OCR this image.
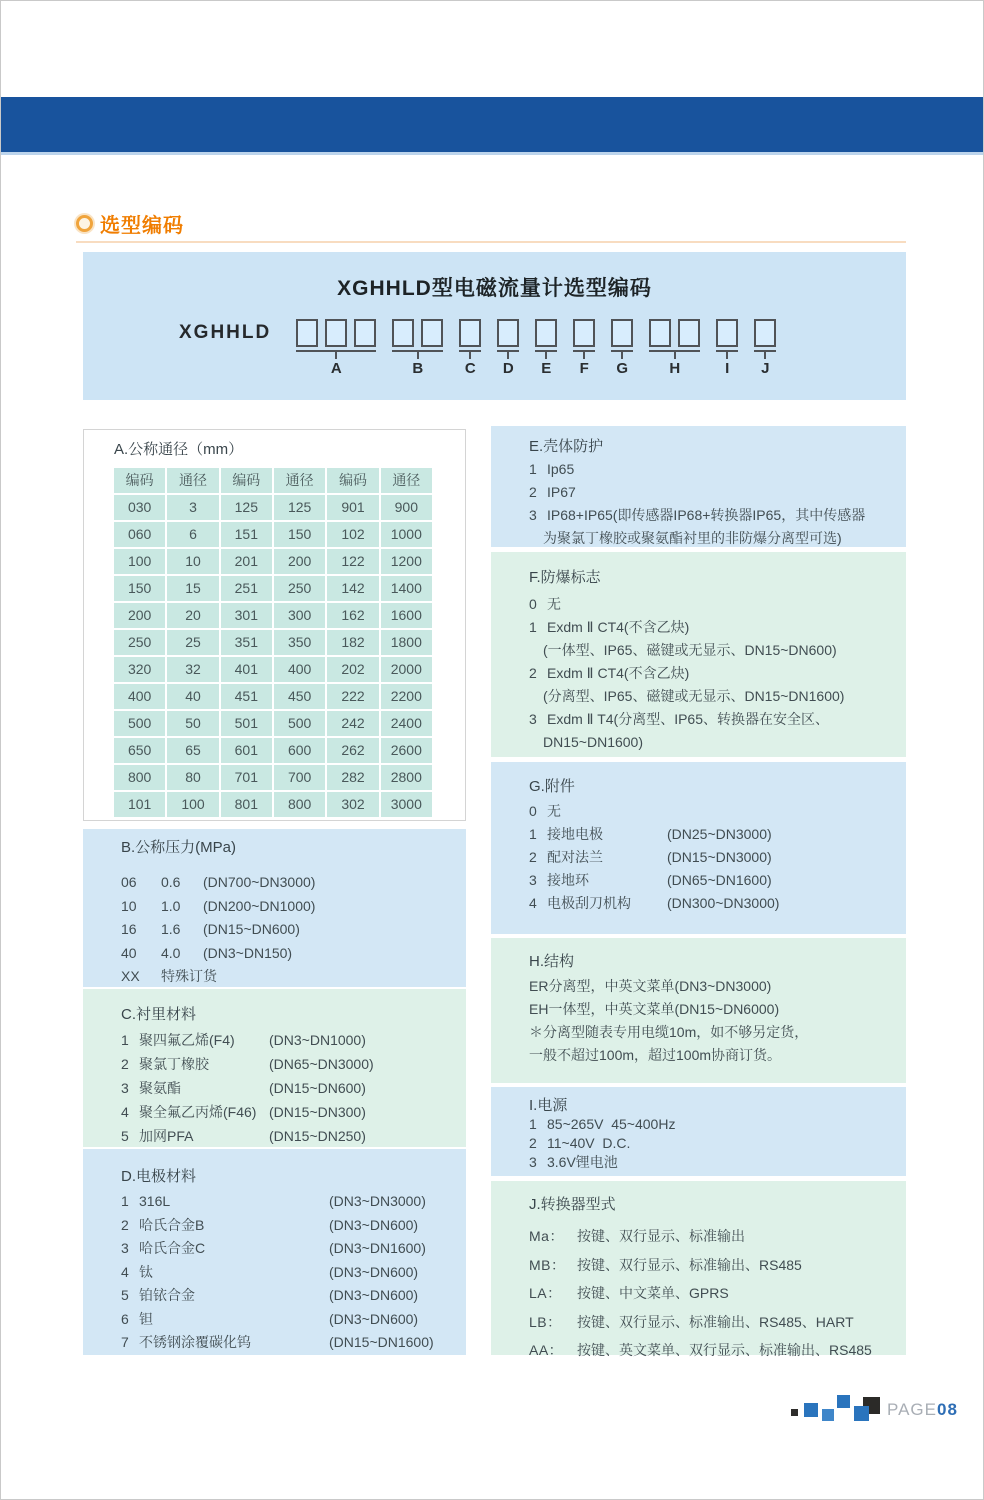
选型编码
XGHHLD型电磁流量计选型编码
XGHHLD
A	B	C D E F G	H	I J
A.公称通径（mm）
编码	通径	编码	通径	编码	通径
030	3	125	125	901	900
060	6	151	150	102	1000
100	10	201	200	122	1200
150	15	251	250	142	1400
200	20	301	300	162	1600
250	25	351	350	182	1800
320	32	401	400	202	2000
400	40	451	450	222	2200
500	50	501	500	242	2400
650	65	601	600	262	2600
800	80	701	700	282	2800
101	100	801	800	302	3000
B.公称压力(MPa)
06	0.6	(DN700~DN3000)
10	1.0	(DN200~DN1000)
16	1.6	(DN15~DN600)
40	4.0	(DN3~DN150)
XX	特殊订货
C.衬里材料
1 聚四氟乙烯(F4)	(DN3~DN1000)
2 聚氯丁橡胶	(DN65~DN3000)
3 聚氨酯	(DN15~DN600)
4 聚全氟乙丙烯(F46) (DN15~DN300)
5 加网PFA	(DN15~DN250)
D.电极材料
1 316L	(DN3~DN3000)
2 哈氏合金B	(DN3~DN600)
3 哈氏合金C	(DN3~DN1600)
4 钛	(DN3~DN600)
5 铂铱合金	(DN3~DN600)
6 钽	(DN3~DN600)
7 不锈钢涂覆碳化钨	(DN15~DN1600)
E.壳体防护
1 Ip65
2 IP67
3 IP68+IP65(即传感器IP68+转换器IP65，其中传感器
为聚氯丁橡胶或聚氨酯衬里的非防爆分离型可选)
F.防爆标志
0 无
1 Exdm Ⅱ CT4(不含乙炔)
(一体型、IP65、磁键或无显示、DN15~DN600)
2 Exdm Ⅱ CT4(不含乙炔)
(分离型、IP65、磁键或无显示、DN15~DN1600)
3 Exdm Ⅱ T4(分离型、IP65、转换器在安全区、
DN15~DN1600)
G.附件
0 无
1 接地电极	(DN25~DN3000)
2 配对法兰	(DN15~DN3000)
3 接地环	(DN65~DN1600)
4 电极刮刀机构	(DN300~DN3000)
H.结构
ER分离型，中英文菜单(DN3~DN3000)
EH一体型，中英文菜单(DN15~DN6000)
＊分离型随表专用电缆10m，如不够另定货，
一般不超过100m，超过100m协商订货。
I.电源
1 85~265V  45~400Hz
2 11~40V  D.C.
3 3.6V锂电池
J.转换器型式
Ma： 按键、双行显示、标准输出
MB： 按键、双行显示、标准输出、RS485
LA：	按键、中文菜单、GPRS
LB：	按键、双行显示、标准输出、RS485、HART
AA： 按键、英文菜单、双行显示、标准输出、RS485
PAGE08
